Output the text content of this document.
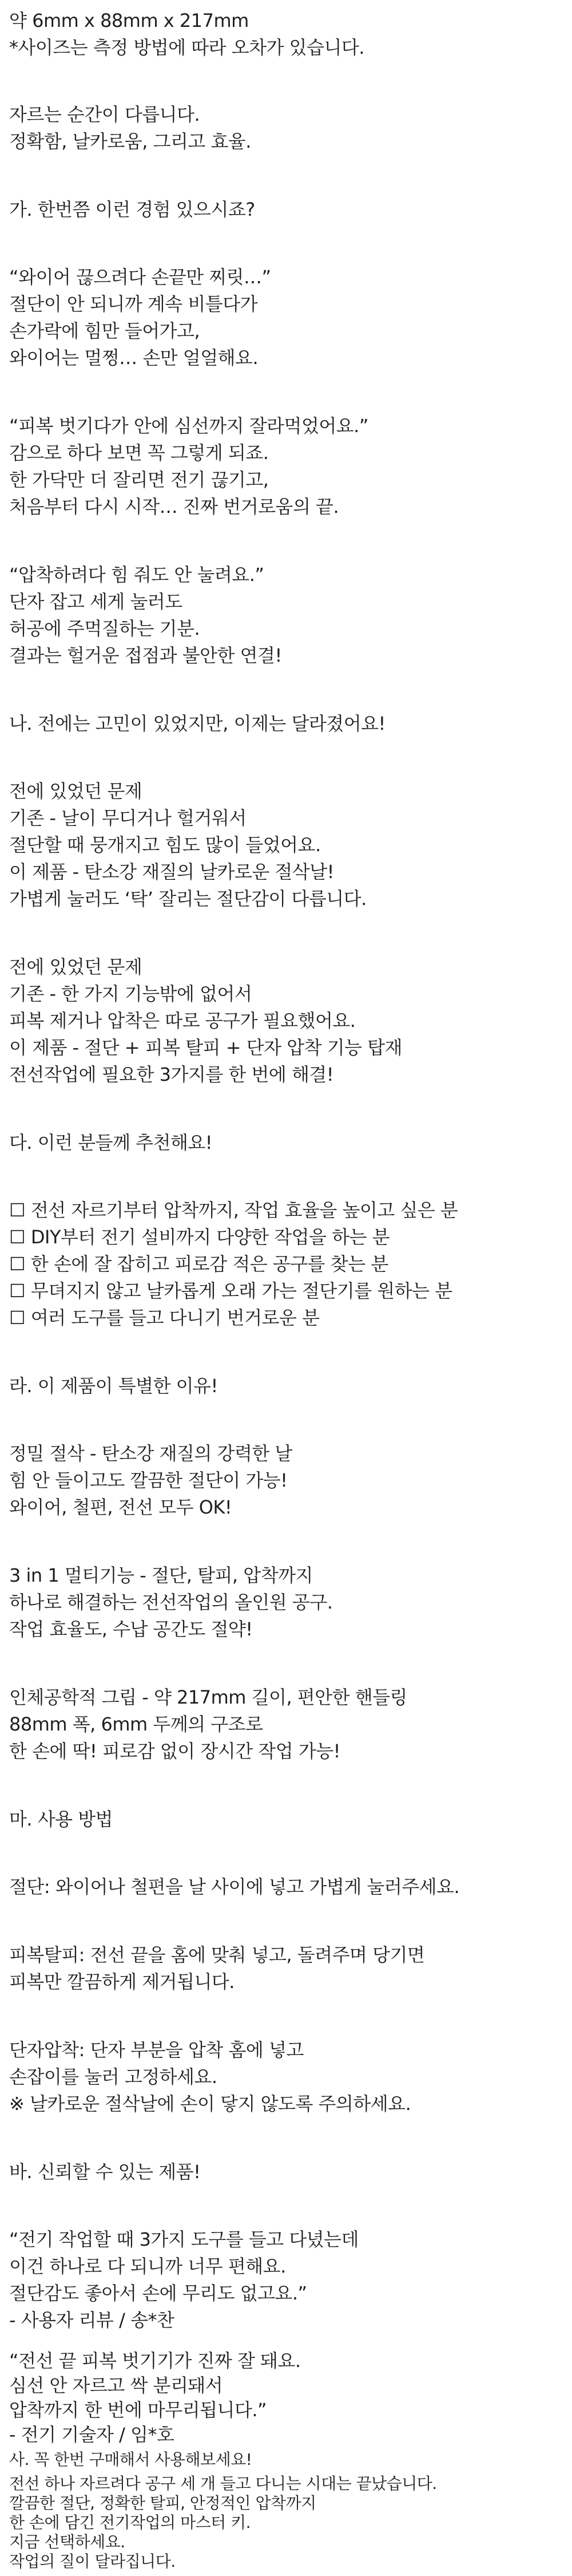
약 6mm x 88mm x 217mm

*사이즈는 측정 방법에 따라 오차가 있습니다.

자르는 순간이 다릅니다.

정확함, 날카로움, 그리고 효율.

가. 한번쯤 이런 경험 있으시죠?

“와이어 끊으려다 손끝만 찌릿…”

절단이 안 되니까 계속 비틀다가

손가락에 힘만 들어가고,

와이어는 멀쩡… 손만 얼얼해요.

“피복 벗기다가 안에 심선까지 잘라먹었어요.”

감으로 하다 보면 꼭 그렇게 되죠.

한 가닥만 더 잘리면 전기 끊기고,

처음부터 다시 시작… 진짜 번거로움의 끝.

“압착하려다 힘 줘도 안 눌려요.”

단자 잡고 세게 눌러도

허공에 주먹질하는 기분.

결과는 헐거운 접점과 불안한 연결!

나. 전에는 고민이 있었지만, 이제는 달라졌어요!

전에 있었던 문제

기존 - 날이 무디거나 헐거워서

절단할 때 뭉개지고 힘도 많이 들었어요.

이 제품 - 탄소강 재질의 날카로운 절삭날!

가볍게 눌러도 ‘탁’ 잘리는 절단감이 다릅니다.

전에 있었던 문제

기존 - 한 가지 기능밖에 없어서

피복 제거나 압착은 따로 공구가 필요했어요.

이 제품 - 절단 + 피복 탈피 + 단자 압착 기능 탑재

전선작업에 필요한 3가지를 한 번에 해결!

다. 이런 분들께 추천해요!

☐ 전선 자르기부터 압착까지, 작업 효율을 높이고 싶은 분

☐ DIY부터 전기 설비까지 다양한 작업을 하는 분

☐ 한 손에 잘 잡히고 피로감 적은 공구를 찾는 분

☐ 무뎌지지 않고 날카롭게 오래 가는 절단기를 원하는 분

☐ 여러 도구를 들고 다니기 번거로운 분

라. 이 제품이 특별한 이유!

정밀 절삭 - 탄소강 재질의 강력한 날

힘 안 들이고도 깔끔한 절단이 가능!

와이어, 철편, 전선 모두 OK!

3 in 1 멀티기능 - 절단, 탈피, 압착까지

하나로 해결하는 전선작업의 올인원 공구.

작업 효율도, 수납 공간도 절약!

인체공학적 그립 - 약 217mm 길이, 편안한 핸들링

88mm 폭, 6mm 두께의 구조로

한 손에 딱! 피로감 없이 장시간 작업 가능!

마. 사용 방법

절단: 와이어나 철편을 날 사이에 넣고 가볍게 눌러주세요.

피복탈피: 전선 끝을 홈에 맞춰 넣고, 돌려주며 당기면

피복만 깔끔하게 제거됩니다.

단자압착: 단자 부분을 압착 홈에 넣고

손잡이를 눌러 고정하세요.

※ 날카로운 절삭날에 손이 닿지 않도록 주의하세요.

바. 신뢰할 수 있는 제품!

“전기 작업할 때 3가지 도구를 들고 다녔는데

이건 하나로 다 되니까 너무 편해요.

절단감도 좋아서 손에 무리도 없고요.”

- 사용자 리뷰 / 송*찬

“전선 끝 피복 벗기기가 진짜 잘 돼요.

심선 안 자르고 싹 분리돼서

압착까지 한 번에 마무리됩니다.”

- 전기 기술자 / 임*호

사. 꼭 한번 구매해서 사용해보세요!

전선 하나 자르려다 공구 세 개 들고 다니는 시대는 끝났습니다.

깔끔한 절단, 정확한 탈피, 안정적인 압착까지

한 손에 담긴 전기작업의 마스터 키.

지금 선택하세요.

작업의 질이 달라집니다.
